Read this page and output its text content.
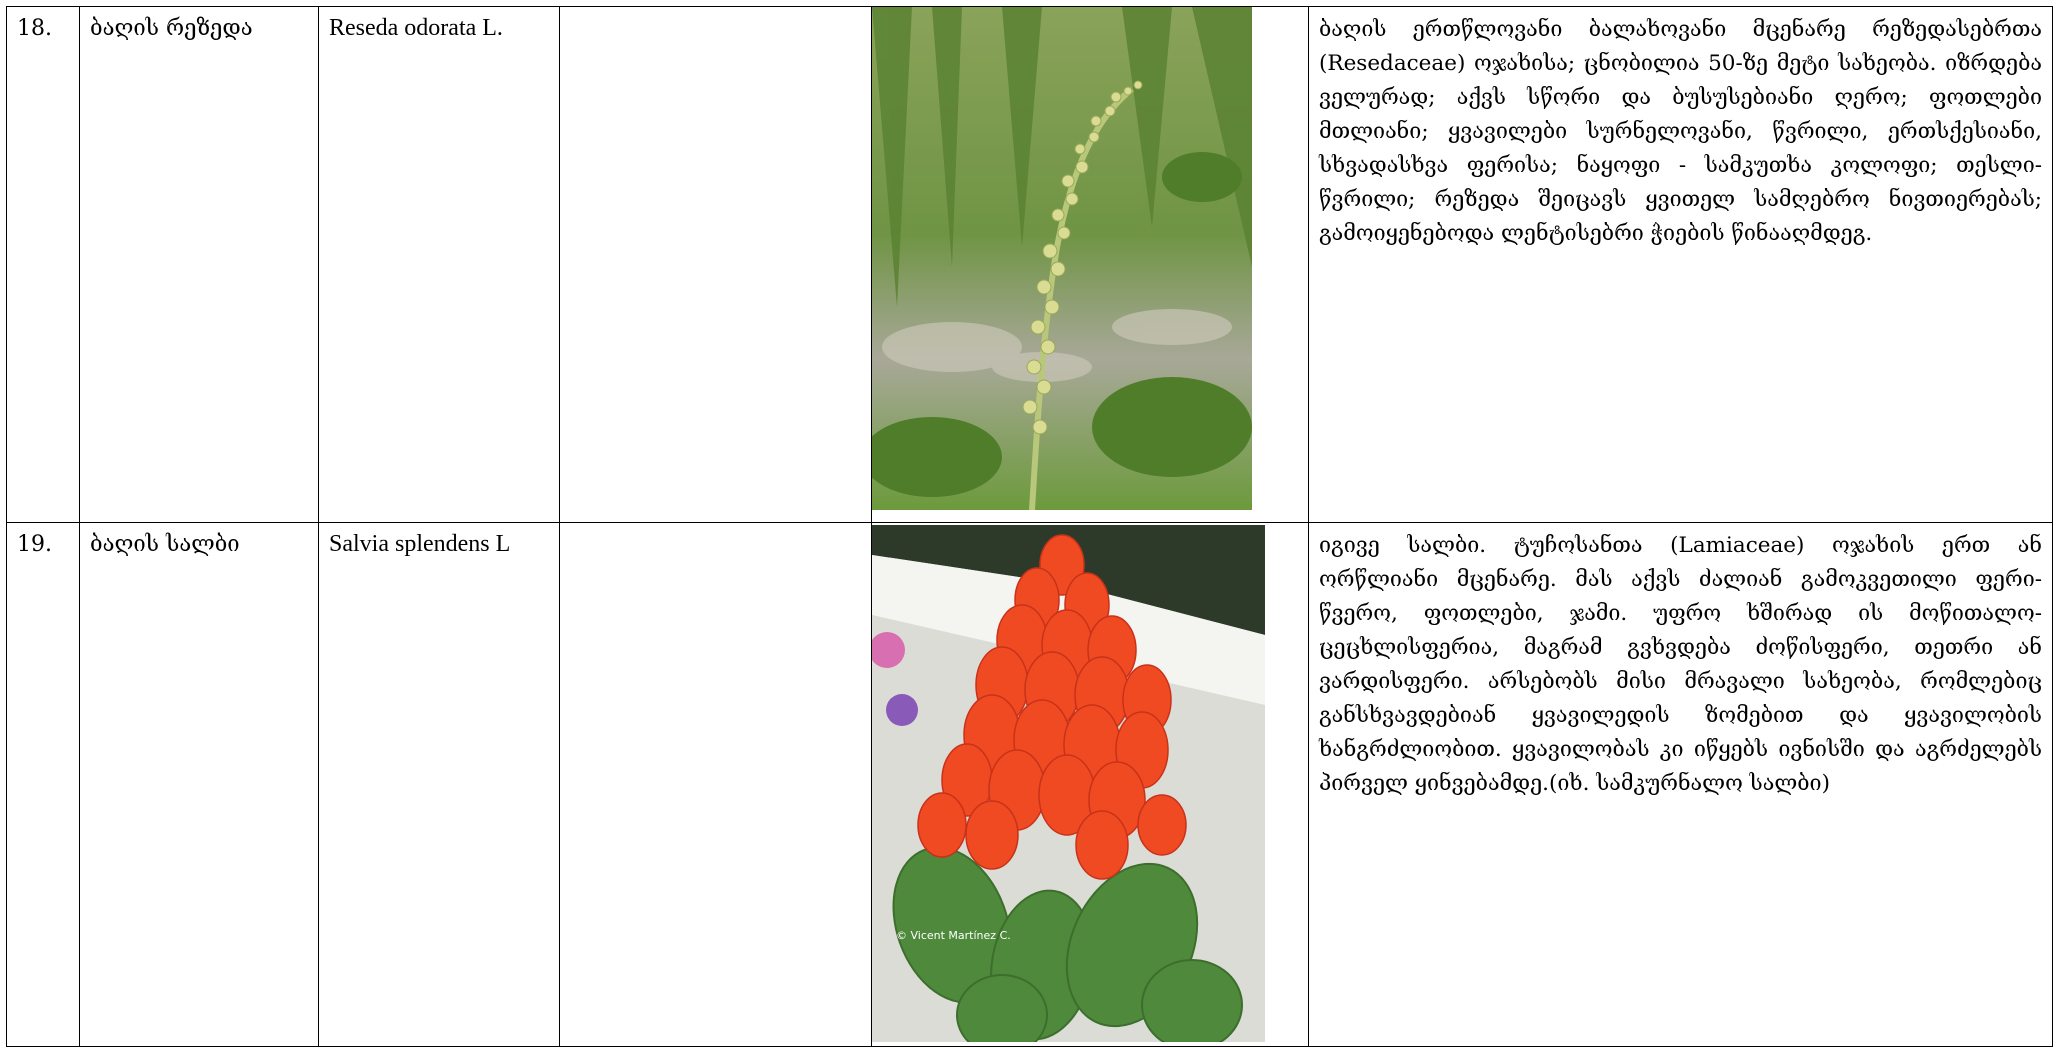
18.	ბაღის რეზედა	Reseda odorata L.			ბაღის ერთწლოვანი ბალახოვანი მცენარე რეზედასებრთა (Resedaceae) ოჯახისა; ცნობილია 50-ზე მეტი სახეობა. იზრდება ველურად; აქვს სწორი და ბუსუსებიანი ღერო; ფოთლები მთლიანი; ყვავილები სურნელოვანი, წვრილი, ერთსქესიანი, სხვადასხვა ფერისა; ნაყოფი - სამკუთხა კოლოფი; თესლი-წვრილი; რეზედა შეიცავს ყვითელ სამღებრო ნივთიერებას; გამოიყენებოდა ლენტისებრი ჭიების წინააღმდეგ.

19.	ბაღის სალბი	Salvia splendens L		© Vicent Martínez C.	იგივე სალბი. ტუჩოსანთა (Lamiaceae) ოჯახის ერთ ან ორწლიანი მცენარე. მას აქვს ძალიან გამოკვეთილი ფერი-წვერო, ფოთლები, ჯამი. უფრო ხშირად ის მოწითალო-ცეცხლისფერია, მაგრამ გვხვდება ძოწისფერი, თეთრი ან ვარდისფერი. არსებობს მისი მრავალი სახეობა, რომლებიც განსხვავდებიან ყვავილედის ზომებით და ყვავილობის ხანგრძლიობით. ყვავილობას კი იწყებს ივნისში და აგრძელებს პირველ ყინვებამდე.(იხ. სამკურნალო სალბი)
